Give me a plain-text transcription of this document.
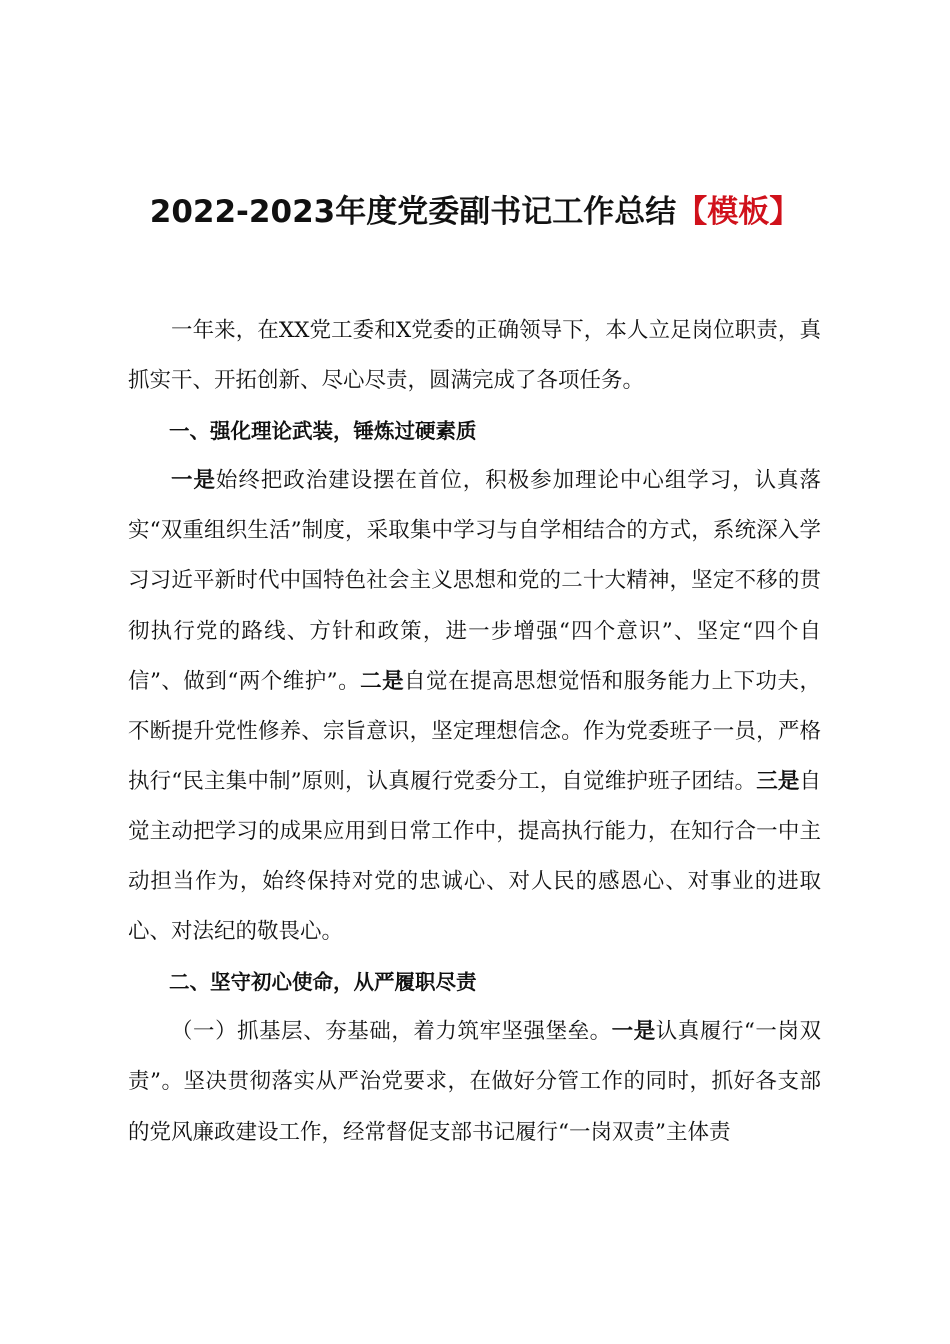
2022-2023年度党委副书记工作总结【模板】

一年来，在XX党工委和X党委的正确领导下，本人立足岗位职责，真抓实干、开拓创新、尽心尽责，圆满完成了各项任务。

一、强化理论武装，锤炼过硬素质

一是始终把政治建设摆在首位，积极参加理论中心组学习，认真落实“双重组织生活”制度，采取集中学习与自学相结合的方式，系统深入学习习近平新时代中国特色社会主义思想和党的二十大精神，坚定不移的贯彻执行党的路线、方针和政策，进一步增强“四个意识”、坚定“四个自信”、做到“两个维护”。二是自觉在提高思想觉悟和服务能力上下功夫，不断提升党性修养、宗旨意识，坚定理想信念。作为党委班子一员，严格执行“民主集中制”原则，认真履行党委分工，自觉维护班子团结。三是自觉主动把学习的成果应用到日常工作中，提高执行能力，在知行合一中主动担当作为，始终保持对党的忠诚心、对人民的感恩心、对事业的进取心、对法纪的敬畏心。

二、坚守初心使命，从严履职尽责

（一）抓基层、夯基础，着力筑牢坚强堡垒。一是认真履行“一岗双责”。坚决贯彻落实从严治党要求，在做好分管工作的同时，抓好各支部的党风廉政建设工作，经常督促支部书记履行“一岗双责”主体责
